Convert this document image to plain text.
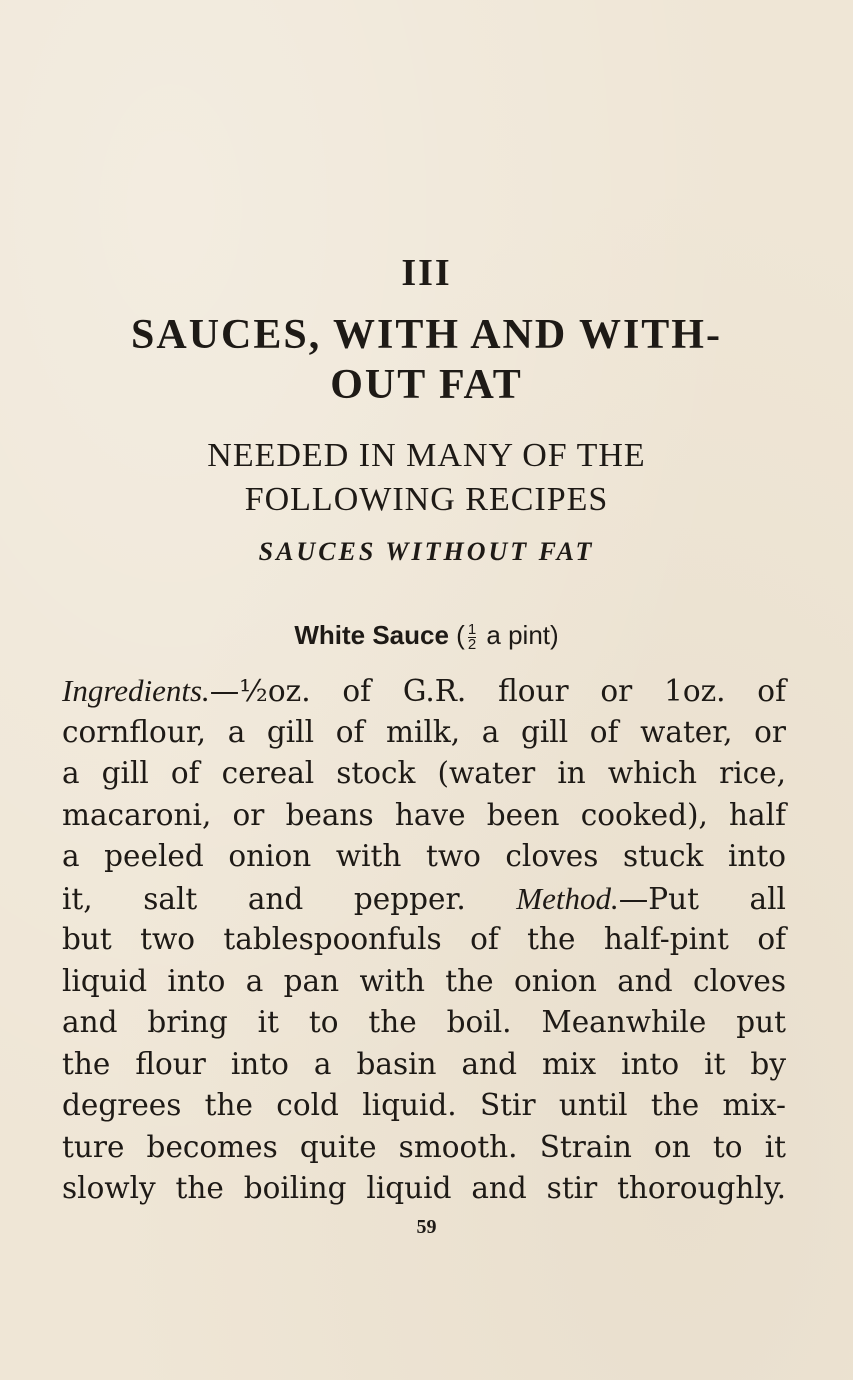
III
SAUCES, WITH AND WITH-
OUT FAT
NEEDED IN MANY OF THE
FOLLOWING RECIPES
SAUCES WITHOUT FAT
White Sauce ( $\frac{1}{2}$ a pint)
Ingredients.—½oz. of G.R. flour or 1oz. of
cornflour, a gill of milk, a gill of water, or
a gill of cereal stock (water in which rice,
macaroni, or beans have been cooked), half
a peeled onion with two cloves stuck into
it, salt and pepper. Method.—Put all
but two tablespoonfuls of the half-pint of
liquid into a pan with the onion and cloves
and bring it to the boil. Meanwhile put
the flour into a basin and mix into it by
degrees the cold liquid. Stir until the mix-
ture becomes quite smooth. Strain on to it
slowly the boiling liquid and stir thoroughly.
59
